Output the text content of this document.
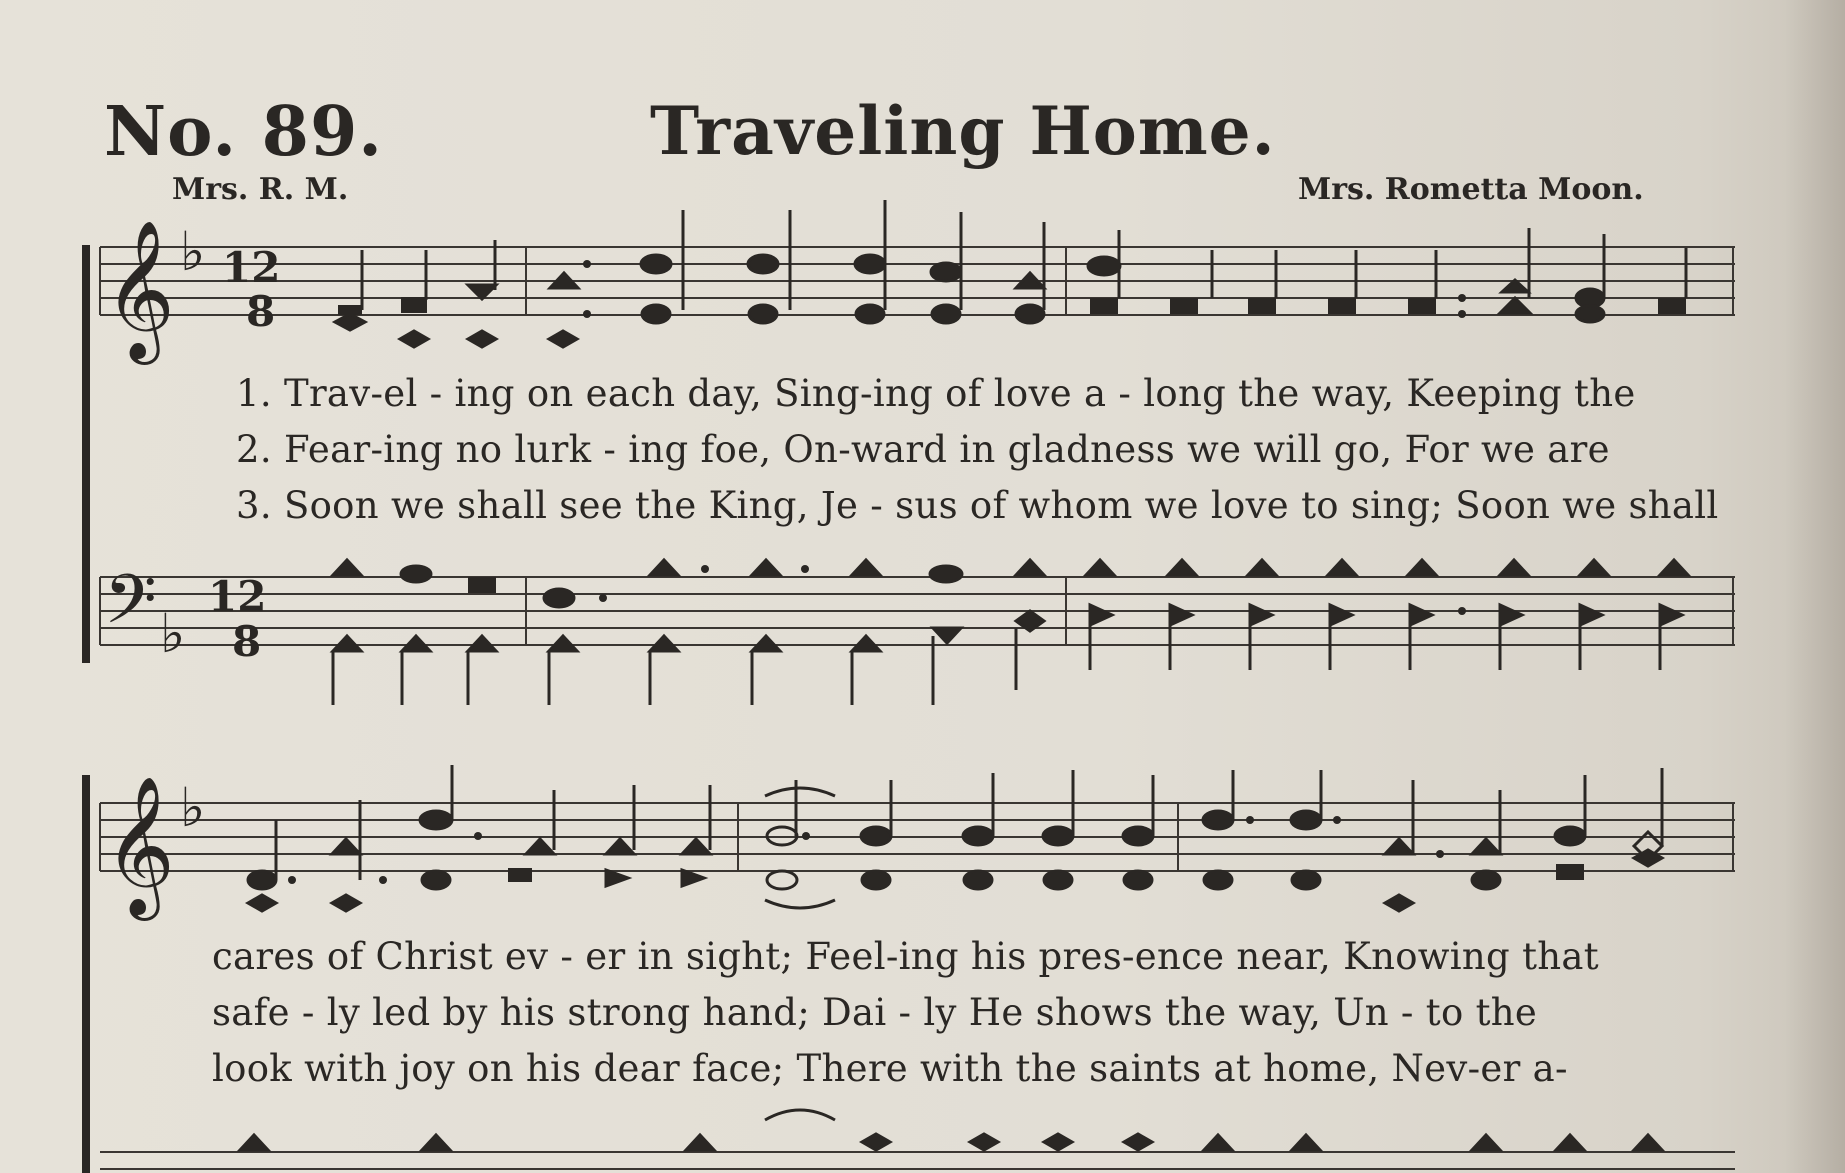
No. 89.	Traveling Home.
Mrs. R. M.	Mrs. Rometta Moon.
𝄞 ♭ 12
8
𝄢 ♭
12
8
𝄞 ♭
1. Trav-el - ing on each day, Sing-ing of love a - long the way, Keeping the
2. Fear-ing no lurk - ing foe, On-ward in gladness we will go, For we are
3. Soon we shall see the King, Je - sus of whom we love to sing; Soon we shall
cares of Christ ev - er in sight; Feel-ing his pres-ence near, Knowing that
safe - ly led by his strong hand; Dai - ly He shows the way, Un - to the
look with joy on his dear face; There with the saints at home, Nev-er a-
